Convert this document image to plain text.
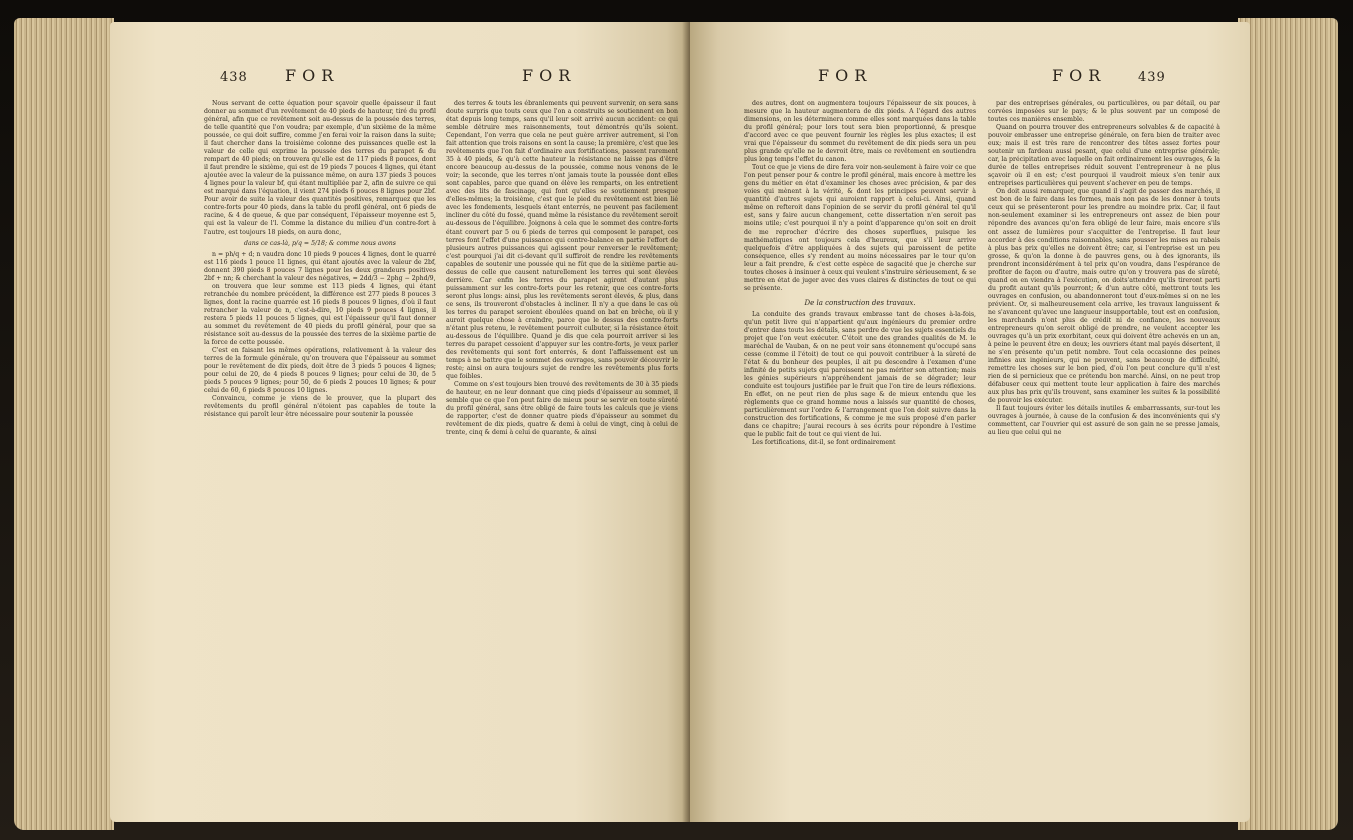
438 FOR	FOR

Nous servant de cette équation pour sçavoir quelle épaisseur il faut donner au sommet d'un revêtement de 40 pieds de hauteur, tiré du profil général, afin que ce revêtement soit au-dessus de la poussée des terres, de telle quantité que l'on voudra; par exemple, d'un sixième de la même poussée, ce qui doit suffire, comme j'en ferai voir la raison dans la suite; il faut chercher dans la troisième colonne des puissances quelle est la valeur de celle qui exprime la poussée des terres du parapet & du rempart de 40 pieds; on trouvera qu'elle est de 117 pieds 8 pouces, dont il faut prendre le sixième, qui est de 19 pieds 7 pouces 4 lignes, qui étant ajoutée avec la valeur de la puissance même, on aura 137 pieds 3 pouces 4 lignes pour la valeur bf, qui étant multipliée par 2, afin de suivre ce qui est marqué dans l'équation, il vient 274 pieds 6 pouces 8 lignes pour 2bf. Pour avoir de suite la valeur des quantités positives, remarquez que les contre-forts pour 40 pieds, dans la table du profil général, ont 6 pieds de racine, & 4 de queue, & que par conséquent, l'épaisseur moyenne est 5, qui est la valeur de l'l. Comme la distance du milieu d'un contre-fort à l'autre, est toujours 18 pieds, on aura donc,

dans ce cas-là, p/q = 5/18; & comme nous avons

n = ph/q + d; n vaudra donc 10 pieds 9 pouces 4 lignes, dont le quarré est 116 pieds 1 pouce 11 lignes, qui étant ajoutés avec la valeur de 2bf, donnent 390 pieds 8 pouces 7 lignes pour les deux grandeurs positives 2bf + nn; & cherchant la valeur des négatives, = 2dd/3 − 2phg − 2phd/9,

on trouvera que leur somme est 113 pieds 4 lignes, qui étant retranchée du nombre précédent, la différence est 277 pieds 8 pouces 3 lignes, dont la racine quarrée est 16 pieds 8 pouces 9 lignes, d'où il faut retrancher la valeur de n, c'est-à-dire, 10 pieds 9 pouces 4 lignes, il restera 5 pieds 11 pouces 5 lignes, qui est l'épaisseur qu'il faut donner au sommet du revêtement de 40 pieds du profil général, pour que sa résistance soit au-dessus de la poussée des terres de la sixième partie de la force de cette poussée.

C'est en faisant les mêmes opérations, relativement à la valeur des terres de la formule générale, qu'on trouvera que l'épaisseur au sommet pour le revêtement de dix pieds, doit être de 3 pieds 5 pouces 4 lignes; pour celui de 20, de 4 pieds 8 pouces 9 lignes; pour celui de 30, de 5 pieds 5 pouces 9 lignes; pour 50, de 6 pieds 2 pouces 10 lignes; & pour celui de 60, 6 pieds 8 pouces 10 lignes.

Convaincu, comme je viens de le prouver, que la plupart des revêtements du profil général n'étoient pas capables de toute la résistance qui paroît leur être nécessaire pour soutenir la poussée

des terres & touts les ébranlements qui peuvent survenir, on sera sans doute surpris que touts ceux que l'on a construits se soutiennent en bon état depuis long temps, sans qu'il leur soit arrivé aucun accident: ce qui semble détruire mes raisonnements, tout démontrés qu'ils soient. Cependant, l'on verra que cela ne peut guère arriver autrement, si l'on fait attention que trois raisons en sont la cause; la première, c'est que les revêtements que l'on fait d'ordinaire aux fortifications, passent rarement 35 à 40 pieds, & qu'à cette hauteur la résistance ne laisse pas d'être encore beaucoup au-dessus de la poussée, comme nous venons de le voir; la seconde, que les terres n'ont jamais toute la poussée dont elles sont capables, parce que quand on élève les remparts, on les entretient avec des lits de fascinage, qui font qu'elles se soutiennent presque d'elles-mêmes; la troisième, c'est que le pied du revêtement est bien lié avec les fondements, lesquels étant enterrés, ne peuvent pas facilement incliner du côté du fossé, quand même la résistance du revêtement seroit au-dessous de l'équilibre. Joignons à cela que le sommet des contre-forts étant couvert par 5 ou 6 pieds de terres qui composent le parapet, ces terres font l'effet d'une puissance qui contre-balance en partie l'effort de plusieurs autres puissances qui agissent pour renverser le revêtement; c'est pourquoi j'ai dit ci-devant qu'il suffiroit de rendre les revêtements capables de soutenir une poussée qui ne fût que de la sixième partie au-dessus de celle que causent naturellement les terres qui sont élevées derrière. Car enfin les terres du parapet agiront d'autant plus puissamment sur les contre-forts pour les retenir, que ces contre-forts seront plus longs: ainsi, plus les revêtements seront élevés, & plus, dans ce sens, ils trouveront d'obstacles à incliner. Il n'y a que dans le cas où les terres du parapet seroient éboulées quand on bat en brèche, où il y auroit quelque chose à craindre, parce que le dessus des contre-forts n'étant plus retenu, le revêtement pourroit culbuter, si la résistance étoit au-dessous de l'équilibre. Quand je dis que cela pourroit arriver si les terres du parapet cessoient d'appuyer sur les contre-forts, je veux parler des revêtements qui sont fort enterrés, & dont l'affaissement est un temps à ne battre que le sommet des ouvrages, sans pouvoir découvrir le reste; ainsi on aura toujours sujet de rendre les revêtements plus forts que foibles.

Comme on s'est toujours bien trouvé des revêtements de 30 à 35 pieds de hauteur, en ne leur donnant que cinq pieds d'épaisseur au sommet, il semble que ce que l'on peut faire de mieux pour se servir en toute sûreté du profil général, sans être obligé de faire touts les calculs que je viens de rapporter, c'est de donner quatre pieds d'épaisseur au sommet du revêtement de dix pieds, quatre & demi à celui de vingt, cinq à celui de trente, cinq & demi à celui de quarante, & ainsi

FOR	FOR 439

des autres, dont on augmentera toujours l'épaisseur de six pouces, à mesure que la hauteur augmentera de dix pieds. A l'égard des autres dimensions, on les déterminera comme elles sont marquées dans la table du profil général; pour lors tout sera bien proportionné, & presque d'accord avec ce que peuvent fournir les règles les plus exactes; il est vrai que l'épaisseur du sommet du revêtement de dix pieds sera un peu plus grande qu'elle ne le devroit être, mais ce revêtement en soutiendra plus long temps l'effet du canon.

Tout ce que je viens de dire fera voir non-seulement à faire voir ce que l'on peut penser pour & contre le profil général, mais encore à mettre les gens du métier en état d'examiner les choses avec précision, & par des voies qui mènent à la vérité, & dont les principes peuvent servir à quantité d'autres sujets qui auroient rapport à celui-ci. Ainsi, quand même on refteroit dans l'opinion de se servir du profil général tel qu'il est, sans y faire aucun changement, cette dissertation n'en seroit pas moins utile; c'est pourquoi il n'y a point d'apparence qu'on soit en droit de me reprocher d'écrire des choses superflues, puisque les mathématiques ont toujours cela d'heureux, que s'il leur arrive quelquefois d'être appliquées à des sujets qui paroissent de petite conséquence, elles s'y rendent au moins nécessaires par le tour qu'on leur a fait prendre, & c'est cette espèce de sagacité que je cherche sur toutes choses à insinuer à ceux qui veulent s'instruire sérieusement, & se mettre en état de juger avec des vues claires & distinctes de tout ce qui se présente.

De la construction des travaux.

La conduite des grands travaux embrasse tant de choses à-la-fois, qu'un petit livre qui n'appartient qu'aux ingénieurs du premier ordre d'entrer dans touts les détails, sans perdre de vue les sujets essentiels du projet que l'on veut exécuter. C'étoit une des grandes qualités de M. le maréchal de Vauban, & on ne peut voir sans étonnement qu'occupé sans cesse (comme il l'étoit) de tout ce qui pouvoit contribuer à la sûreté de l'état & du bonheur des peuples, il ait pu descendre à l'examen d'une infinité de petits sujets qui paroissent ne pas mériter son attention; mais les génies supérieurs n'appréhendent jamais de se dégrader; leur conduite est toujours justifiée par le fruit que l'on tire de leurs réflexions. En effet, on ne peut rien de plus sage & de mieux entendu que les règlements que ce grand homme nous a laissés sur quantité de choses, particulièrement sur l'ordre & l'arrangement que l'on doit suivre dans la construction des fortifications, & comme je me suis proposé d'en parler dans ce chapitre; j'aurai recours à ses écrits pour répondre à l'estime que le public fait de tout ce qui vient de lui.

Les fortifications, dit-il, se font ordinairement

par des entreprises générales, ou particulières, ou par détail, ou par corvées imposées sur le pays; & le plus souvent par un composé de toutes ces manières ensemble.

Quand on pourra trouver des entrepreneurs solvables & de capacité à pouvoir embrasser une entreprise générale, on fera bien de traiter avec eux; mais il est très rare de rencontrer des têtes assez fortes pour soutenir un fardeau aussi pesant, que celui d'une entreprise générale; car, la précipitation avec laquelle on fait ordinairement les ouvrages, & la durée de telles entreprises réduit souvent l'entrepreneur à ne plus sçavoir où il en est; c'est pourquoi il vaudroit mieux s'en tenir aux entreprises particulières qui peuvent s'achever en peu de temps.

On doit aussi remarquer, que quand il s'agit de passer des marchés, il est bon de le faire dans les formes, mais non pas de les donner à touts ceux qui se présenteront pour les prendre au moindre prix. Car, il faut non-seulement examiner si les entrepreneurs ont assez de bien pour répondre des avances qu'on fera obligé de leur faire, mais encore s'ils ont assez de lumières pour s'acquitter de l'entreprise. Il faut leur accorder à des conditions raisonnables, sans pousser les mises au rabais à plus bas prix qu'elles ne doivent être; car, si l'entreprise est un peu grosse, & qu'on la donne à de pauvres gens, ou à des ignorants, ils prendront inconsidérément à tel prix qu'on voudra, dans l'espérance de profiter de façon ou d'autre, mais outre qu'on y trouvera pas de sûreté, quand on en viendra à l'exécution, on doits'attendre qu'ils tireront parti du profit autant qu'ils pourront; & d'un autre côté, mettront touts les ouvrages en confusion, ou abandonneront tout d'eux-mêmes si on ne les prévient. Or, si malheureusement cela arrive, les travaux languissent & ne s'avancent qu'avec une langueur insupportable, tout est en confusion, les marchands n'ont plus de crédit ni de confiance, les nouveaux entrepreneurs qu'on seroit obligé de prendre, ne veulent accepter les ouvrages qu'à un prix exorbitant, ceux qui doivent être achevés en un an, à peine le peuvent être en deux; les ouvriers étant mal payés désertent, il ne s'en présente qu'un petit nombre. Tout cela occasionne des peines infinies aux ingénieurs, qui ne peuvent, sans beaucoup de difficulté, remettre les choses sur le bon pied, d'où l'on peut conclure qu'il n'est rien de si pernicieux que ce prétendu bon marché. Ainsi, on ne peut trop défabuser ceux qui mettent toute leur application à faire des marchés aux plus bas prix qu'ils trouvent, sans examiner les suites & la possibilité de pouvoir les exécuter.

Il faut toujours éviter les détails inutiles & embarrassants, sur-tout les ouvrages à journée, à cause de la confusion & des inconvénients qui s'y commettent, car l'ouvrier qui est assuré de son gain ne se presse jamais, au lieu que celui qui ne
